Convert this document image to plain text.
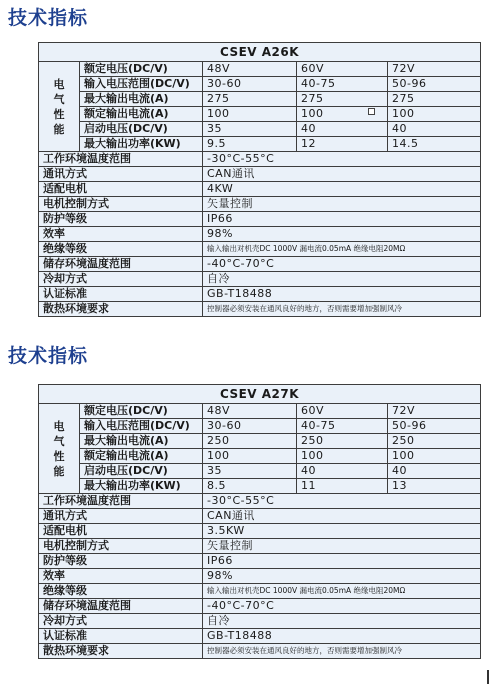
技术指标
CSEV A26K				

电
气
性
能	额定电压(DC/V)	48V	60V	72V
	输入电压范围(DC/V)	30-60	40-75	50-96
	最大输出电流(A)	275	275	275
	额定输出电流(A)	100	100	100
	启动电压(DC/V)	35	40	40
	最大输出功率(KW)	9.5	12	14.5
工作环境温度范围		-30°C-55°C		
通讯方式		CAN通讯		
适配电机		4KW		
电机控制方式		矢量控制		
防护等级		IP66		
效率		98%		
绝缘等级		输入输出对机壳DC 1000V 漏电流0.05mA 绝缘电阻20MΩ		
储存环境温度范围		-40°C-70°C		
冷却方式		自冷		
认证标准		GB-T18488		
散热环境要求		控制器必须安装在通风良好的地方，否则需要增加强制风冷		
技术指标
CSEV A27K				

电
气
性
能	额定电压(DC/V)	48V	60V	72V
	输入电压范围(DC/V)	30-60	40-75	50-96
	最大输出电流(A)	250	250	250
	额定输出电流(A)	100	100	100
	启动电压(DC/V)	35	40	40
	最大输出功率(KW)	8.5	11	13
工作环境温度范围		-30°C-55°C		
通讯方式		CAN通讯		
适配电机		3.5KW		
电机控制方式		矢量控制		
防护等级		IP66		
效率		98%		
绝缘等级		输入输出对机壳DC 1000V 漏电流0.05mA 绝缘电阻20MΩ		
储存环境温度范围		-40°C-70°C		
冷却方式		自冷		
认证标准		GB-T18488		
散热环境要求		控制器必须安装在通风良好的地方，否则需要增加强制风冷		
